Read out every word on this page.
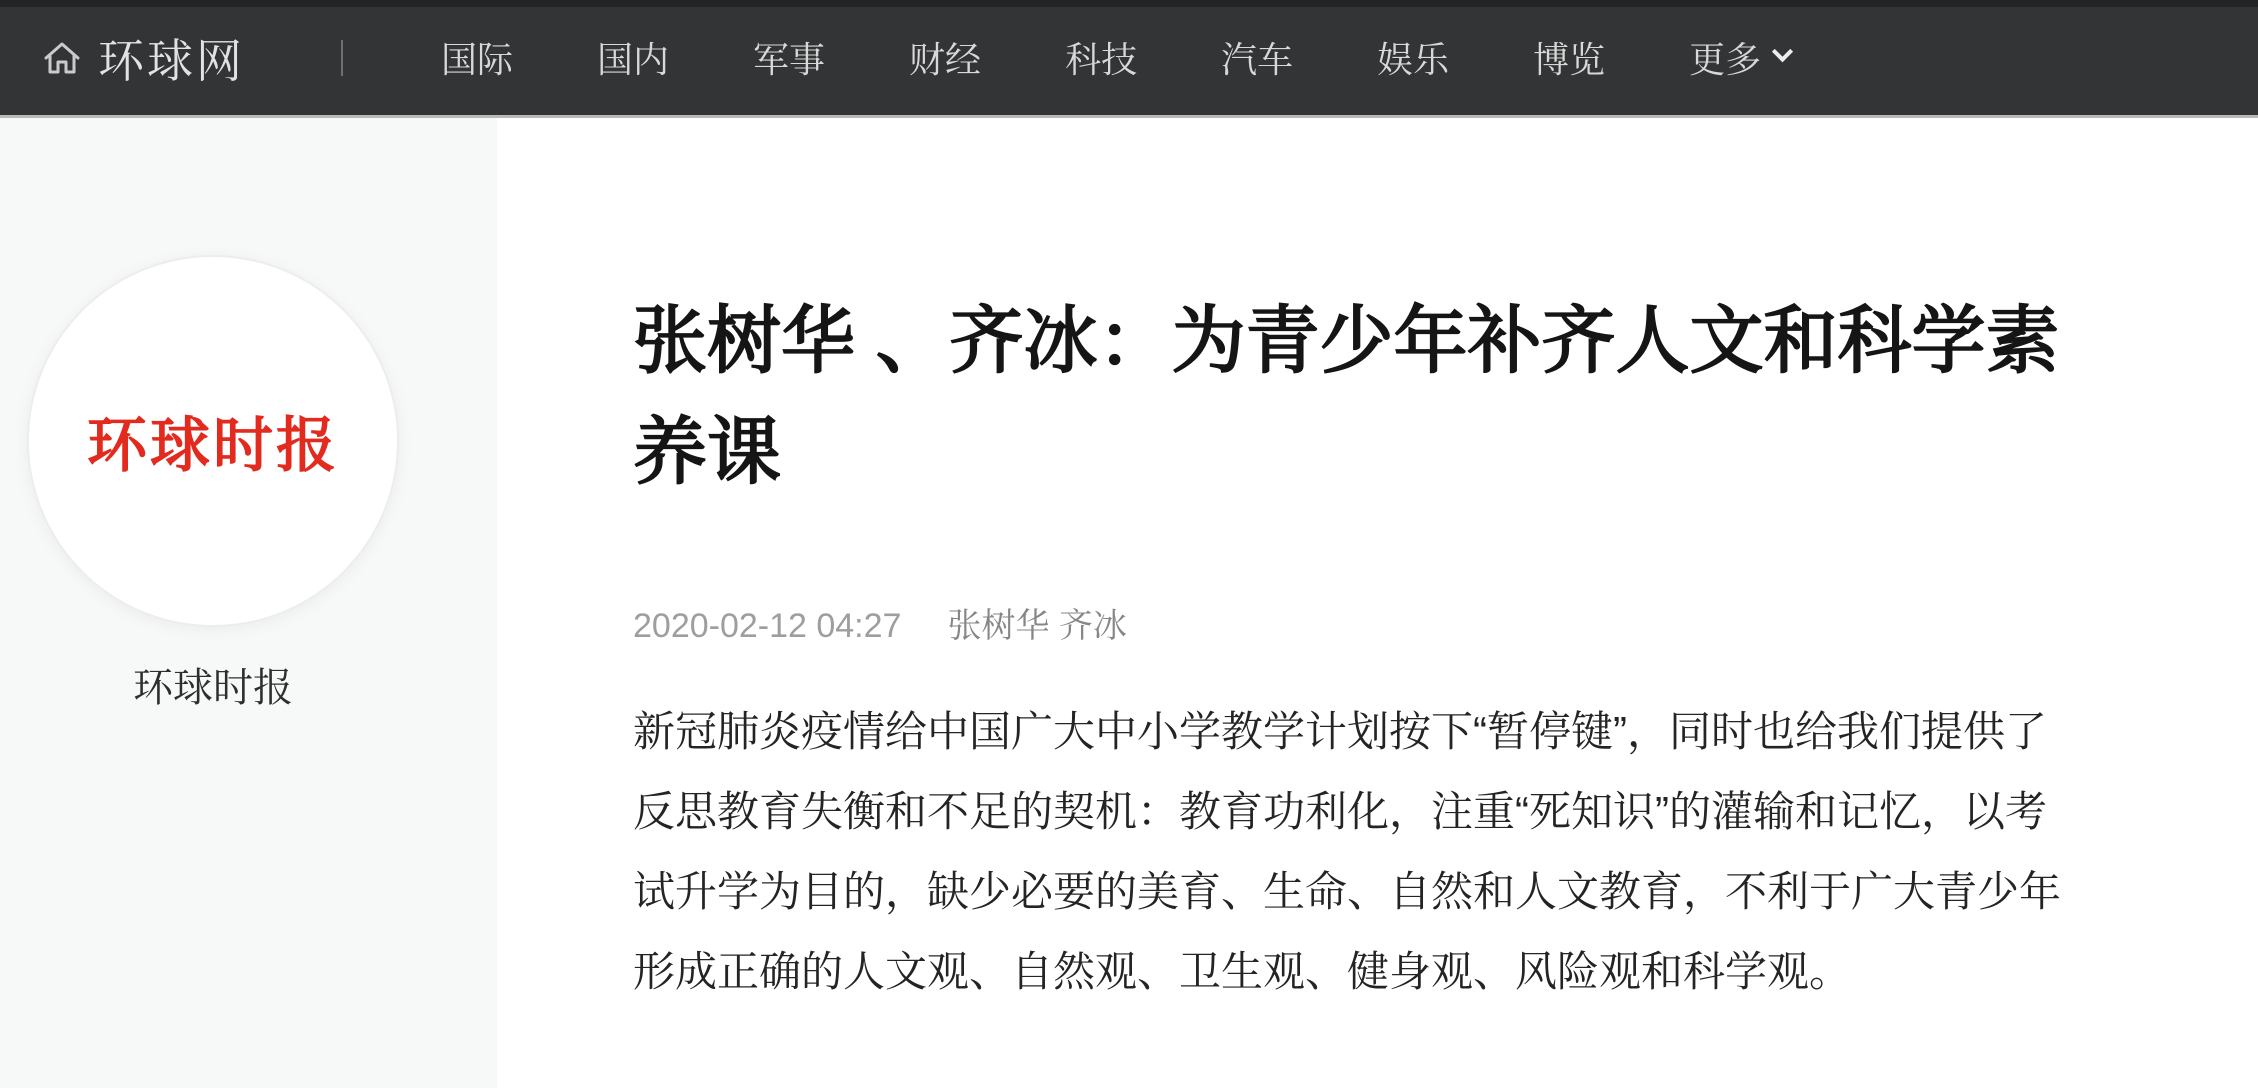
环球网	国际 国内 军事 财经 科技 汽车 娱乐 博览 更多
环球时报
环球时报
张树华 、齐冰：为青少年补齐人文和科学素
养课
2020-02-12 04:27 张树华 齐冰
新冠肺炎疫情给中国广大中小学教学计划按下“暂停键”，同时也给我们提供了
反思教育失衡和不足的契机：教育功利化，注重“死知识”的灌输和记忆，以考
试升学为目的，缺少必要的美育、生命、自然和人文教育，不利于广大青少年
形成正确的人文观、自然观、卫生观、健身观、风险观和科学观。
